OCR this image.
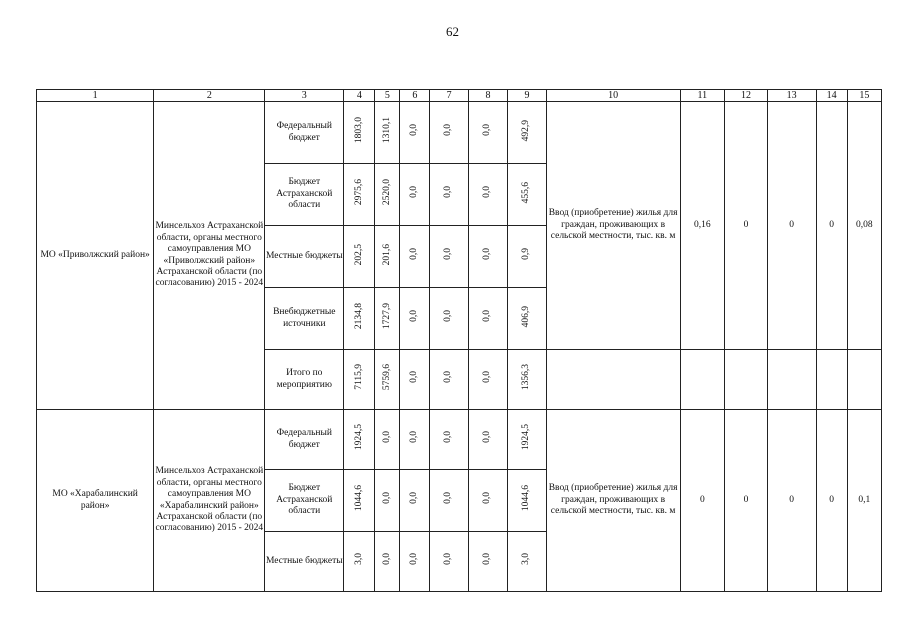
62
1	2	3	4	5	6	7	8	9	10	11	12	13	14	15
МО «Приволжский район»	Минсельхоз Астраханской области, органы местного самоуправления МО «Приволжский район» Астраханской области (по согласованию) 2015 - 2024	Федеральный бюджет	1803,0	1310,1	0,0	0,0	0,0	492,9	Ввод (приобретение) жилья для граждан, проживающих в сельской местности, тыс. кв. м	0,16	0	0	0	0,08
		Бюджет Астраханской области	2975,6	2520,0	0,0	0,0	0,0	455,6						
		Местные бюджеты	202,5	201,6	0,0	0,0	0,0	0,9						
		Внебюджетные источники	2134,8	1727,9	0,0	0,0	0,0	406,9						
		Итого по мероприятию	7115,9	5759,6	0,0	0,0	0,0	1356,3						
МО «Харабалинский район»	Минсельхоз Астраханской области, органы местного самоуправления МО «Харабалинский район» Астраханской области (по согласованию) 2015 - 2024	Федеральный бюджет	1924,5	0,0	0,0	0,0	0,0	1924,5	Ввод (приобретение) жилья для граждан, проживающих в сельской местности, тыс. кв. м	0	0	0	0	0,1
		Бюджет Астраханской области	1044,6	0,0	0,0	0,0	0,0	1044,6						
		Местные бюджеты	3,0	0,0	0,0	0,0	0,0	3,0						
